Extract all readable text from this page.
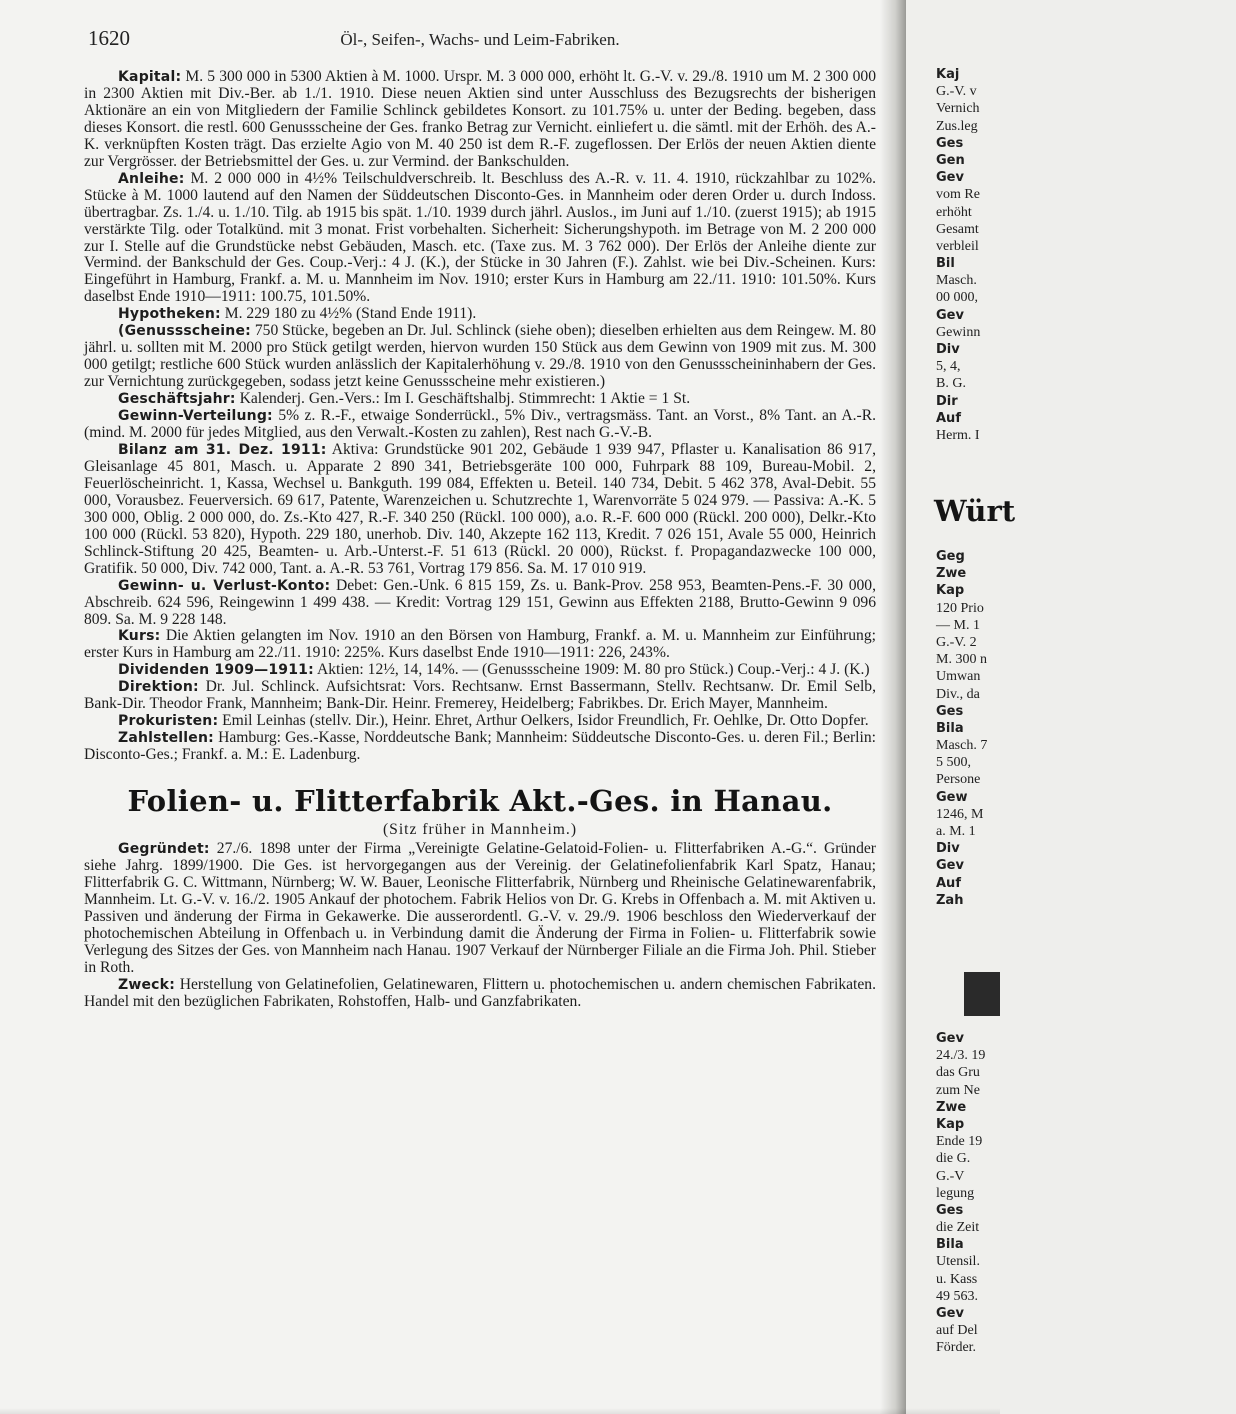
1620	Öl-, Seifen-, Wachs- und Leim-Fabriken.

Kapital: M. 5 300 000 in 5300 Aktien à M. 1000. Urspr. M. 3 000 000, erhöht lt. G.-V. v. 29./8. 1910 um M. 2 300 000 in 2300 Aktien mit Div.-Ber. ab 1./1. 1910. Diese neuen Aktien sind unter Ausschluss des Bezugsrechts der bisherigen Aktionäre an ein von Mitgliedern der Familie Schlinck gebildetes Konsort. zu 101.75% u. unter der Beding. begeben, dass dieses Konsort. die restl. 600 Genussscheine der Ges. franko Betrag zur Vernicht. einliefert u. die sämtl. mit der Erhöh. des A.-K. verknüpften Kosten trägt. Das erzielte Agio von M. 40 250 ist dem R.-F. zugeflossen. Der Erlös der neuen Aktien diente zur Vergrösser. der Betriebsmittel der Ges. u. zur Vermind. der Bankschulden.

Anleihe: M. 2 000 000 in 4½% Teilschuldverschreib. lt. Beschluss des A.-R. v. 11. 4. 1910, rückzahlbar zu 102%. Stücke à M. 1000 lautend auf den Namen der Süddeutschen Disconto-Ges. in Mannheim oder deren Order u. durch Indoss. übertragbar. Zs. 1./4. u. 1./10. Tilg. ab 1915 bis spät. 1./10. 1939 durch jährl. Auslos., im Juni auf 1./10. (zuerst 1915); ab 1915 verstärkte Tilg. oder Totalkünd. mit 3 monat. Frist vorbehalten. Sicherheit: Sicherungshypoth. im Betrage von M. 2 200 000 zur I. Stelle auf die Grundstücke nebst Gebäuden, Masch. etc. (Taxe zus. M. 3 762 000). Der Erlös der Anleihe diente zur Vermind. der Bankschuld der Ges. Coup.-Verj.: 4 J. (K.), der Stücke in 30 Jahren (F.). Zahlst. wie bei Div.-Scheinen. Kurs: Eingeführt in Hamburg, Frankf. a. M. u. Mannheim im Nov. 1910; erster Kurs in Hamburg am 22./11. 1910: 101.50%. Kurs daselbst Ende 1910—1911: 100.75, 101.50%.

Hypotheken: M. 229 180 zu 4½% (Stand Ende 1911).

(Genussscheine: 750 Stücke, begeben an Dr. Jul. Schlinck (siehe oben); dieselben erhielten aus dem Reingew. M. 80 jährl. u. sollten mit M. 2000 pro Stück getilgt werden, hiervon wurden 150 Stück aus dem Gewinn von 1909 mit zus. M. 300 000 getilgt; restliche 600 Stück wurden anlässlich der Kapitalerhöhung v. 29./8. 1910 von den Genussscheininhabern der Ges. zur Vernichtung zurückgegeben, sodass jetzt keine Genussscheine mehr existieren.)

Geschäftsjahr: Kalenderj. Gen.-Vers.: Im I. Geschäftshalbj. Stimmrecht: 1 Aktie = 1 St.

Gewinn-Verteilung: 5% z. R.-F., etwaige Sonderrückl., 5% Div., vertragsmäss. Tant. an Vorst., 8% Tant. an A.-R. (mind. M. 2000 für jedes Mitglied, aus den Verwalt.-Kosten zu zahlen), Rest nach G.-V.-B.

Bilanz am 31. Dez. 1911: Aktiva: Grundstücke 901 202, Gebäude 1 939 947, Pflaster u. Kanalisation 86 917, Gleisanlage 45 801, Masch. u. Apparate 2 890 341, Betriebsgeräte 100 000, Fuhrpark 88 109, Bureau-Mobil. 2, Feuerlöscheinricht. 1, Kassa, Wechsel u. Bankguth. 199 084, Effekten u. Beteil. 140 734, Debit. 5 462 378, Aval-Debit. 55 000, Vorausbez. Feuerversich. 69 617, Patente, Warenzeichen u. Schutzrechte 1, Warenvorräte 5 024 979. — Passiva: A.-K. 5 300 000, Oblig. 2 000 000, do. Zs.-Kto 427, R.-F. 340 250 (Rückl. 100 000), a.o. R.-F. 600 000 (Rückl. 200 000), Delkr.-Kto 100 000 (Rückl. 53 820), Hypoth. 229 180, unerhob. Div. 140, Akzepte 162 113, Kredit. 7 026 151, Avale 55 000, Heinrich Schlinck-Stiftung 20 425, Beamten- u. Arb.-Unterst.-F. 51 613 (Rückl. 20 000), Rückst. f. Propagandazwecke 100 000, Gratifik. 50 000, Div. 742 000, Tant. a. A.-R. 53 761, Vortrag 179 856. Sa. M. 17 010 919.

Gewinn- u. Verlust-Konto: Debet: Gen.-Unk. 6 815 159, Zs. u. Bank-Prov. 258 953, Beamten-Pens.-F. 30 000, Abschreib. 624 596, Reingewinn 1 499 438. — Kredit: Vortrag 129 151, Gewinn aus Effekten 2188, Brutto-Gewinn 9 096 809. Sa. M. 9 228 148.

Kurs: Die Aktien gelangten im Nov. 1910 an den Börsen von Hamburg, Frankf. a. M. u. Mannheim zur Einführung; erster Kurs in Hamburg am 22./11. 1910: 225%. Kurs daselbst Ende 1910—1911: 226, 243%.

Dividenden 1909—1911: Aktien: 12½, 14, 14%. — (Genussscheine 1909: M. 80 pro Stück.) Coup.-Verj.: 4 J. (K.)

Direktion: Dr. Jul. Schlinck. Aufsichtsrat: Vors. Rechtsanw. Ernst Bassermann, Stellv. Rechtsanw. Dr. Emil Selb, Bank-Dir. Theodor Frank, Mannheim; Bank-Dir. Heinr. Fremerey, Heidelberg; Fabrikbes. Dr. Erich Mayer, Mannheim.

Prokuristen: Emil Leinhas (stellv. Dir.), Heinr. Ehret, Arthur Oelkers, Isidor Freundlich, Fr. Oehlke, Dr. Otto Dopfer.

Zahlstellen: Hamburg: Ges.-Kasse, Norddeutsche Bank; Mannheim: Süddeutsche Disconto-Ges. u. deren Fil.; Berlin: Disconto-Ges.; Frankf. a. M.: E. Ladenburg.

Folien- u. Flitterfabrik Akt.-Ges. in Hanau.
(Sitz früher in Mannheim.)

Gegründet: 27./6. 1898 unter der Firma „Vereinigte Gelatine-Gelatoid-Folien- u. Flitterfabriken A.-G.“. Gründer siehe Jahrg. 1899/1900. Die Ges. ist hervorgegangen aus der Vereinig. der Gelatinefolienfabrik Karl Spatz, Hanau; Flitterfabrik G. C. Wittmann, Nürnberg; W. W. Bauer, Leonische Flitterfabrik, Nürnberg und Rheinische Gelatinewarenfabrik, Mannheim. Lt. G.-V. v. 16./2. 1905 Ankauf der photochem. Fabrik Helios von Dr. G. Krebs in Offenbach a. M. mit Aktiven u. Passiven und änderung der Firma in Gekawerke. Die ausserordentl. G.-V. v. 29./9. 1906 beschloss den Wiederverkauf der photochemischen Abteilung in Offenbach u. in Verbindung damit die Änderung der Firma in Folien- u. Flitterfabrik sowie Verlegung des Sitzes der Ges. von Mannheim nach Hanau. 1907 Verkauf der Nürnberger Filiale an die Firma Joh. Phil. Stieber in Roth.

Zweck: Herstellung von Gelatinefolien, Gelatinewaren, Flittern u. photochemischen u. andern chemischen Fabrikaten. Handel mit den bezüglichen Fabrikaten, Rohstoffen, Halb- und Ganzfabrikaten.

Kaj
G.-V. v
Vernich
Zus.leg
Ges
Gen
Gev
vom Re
erhöht
Gesamt
verbleil
Bil
Masch.
00 000,
Gev
Gewinn
Div
5, 4,
B. G.
Dir
Auf
Herm. I
Würt
Geg
Zwe
Kap
120 Prio
— M. 1
G.-V. 2
M. 300 n
Umwan
Div., da
Ges
Bila
Masch. 7
5 500,
Persone
Gew
1246, M
a. M. 1
Div
Gev
Auf
Zah
Gev
24./3. 19
das Gru
zum Ne
Zwe
Kap
Ende 19
die G.
G.-V
legung
Ges
die Zeit
Bila
Utensil.
u. Kass
49 563.
Gev
auf Del
Förder.
